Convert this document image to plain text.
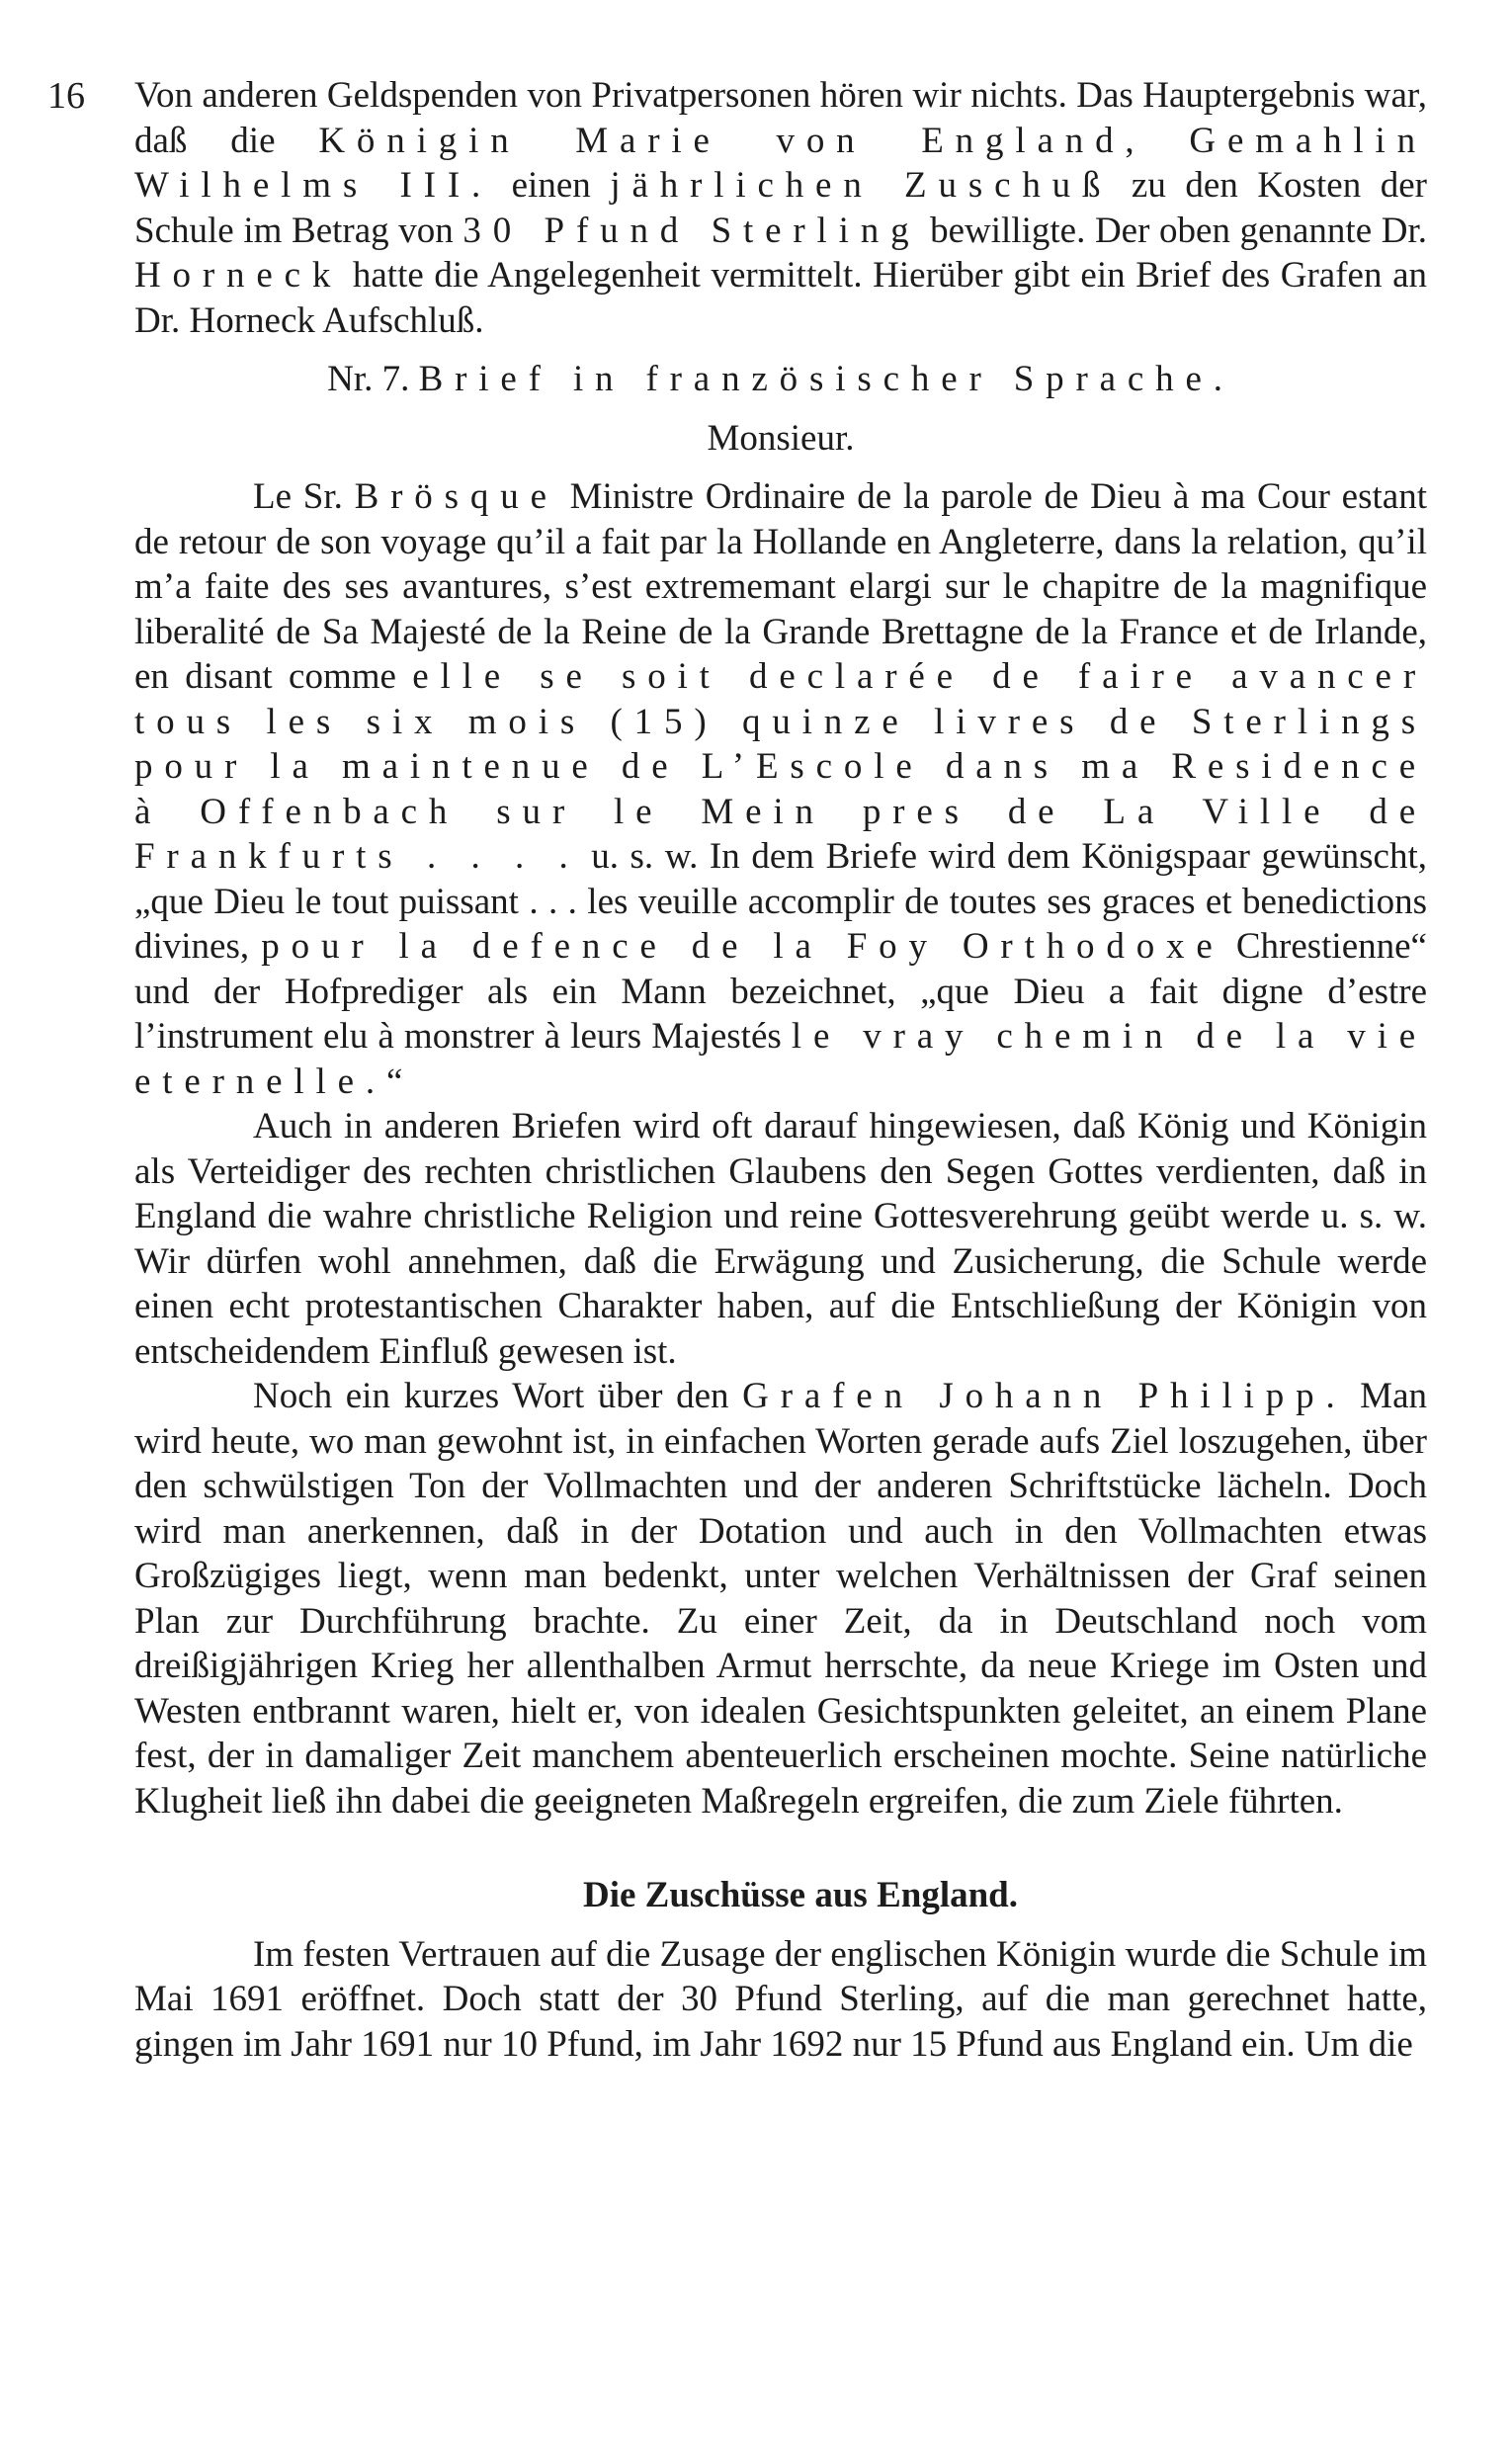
16 Von anderen Geldspenden von Privatpersonen hören wir nichts. Das Hauptergebnis war, daß die Königin Marie von England, Gemahlin Wilhelms III. einen jährlichen Zuschuß zu den Kosten der Schule im Betrag von 30 Pfund Sterling bewilligte. Der oben genannte Dr. Horneck hatte die Angelegenheit vermittelt. Hierüber gibt ein Brief des Grafen an Dr. Horneck Aufschluß.

Nr. 7. Brief in französischer Sprache.

Monsieur.

Le Sr. Brösque Ministre Ordinaire de la parole de Dieu à ma Cour estant de retour de son voyage qu’il a fait par la Hollande en Angleterre, dans la relation, qu’il m’a faite des ses avantures, s’est extrememant elargi sur le chapitre de la magnifique liberalité de Sa Majesté de la Reine de la Grande Brettagne de la France et de Irlande, en disant comme elle se soit declarée de faire avancer tous les six mois (15) quinze livres de Sterlings pour la maintenue de L’Escole dans ma Residence à Offenbach sur le Mein pres de La Ville de Frankfurts . . . . u. s. w. In dem Briefe wird dem Königspaar gewünscht, „que Dieu le tout puissant . . . les veuille accomplir de toutes ses graces et benedictions divines, pour la defence de la Foy Orthodoxe Chrestienne“ und der Hofprediger als ein Mann bezeichnet, „que Dieu a fait digne d’estre l’instrument elu à monstrer à leurs Majestés le vray chemin de la vie eternelle.“

Auch in anderen Briefen wird oft darauf hingewiesen, daß König und Königin als Verteidiger des rechten christlichen Glaubens den Segen Gottes verdienten, daß in England die wahre christliche Religion und reine Gottesverehrung geübt werde u. s. w. Wir dürfen wohl annehmen, daß die Erwägung und Zusicherung, die Schule werde einen echt protestantischen Charakter haben, auf die Entschließung der Königin von entscheidendem Einfluß gewesen ist.

Noch ein kurzes Wort über den Grafen Johann Philipp. Man wird heute, wo man gewohnt ist, in einfachen Worten gerade aufs Ziel loszugehen, über den schwülstigen Ton der Vollmachten und der anderen Schriftstücke lächeln. Doch wird man anerkennen, daß in der Dotation und auch in den Vollmachten etwas Großzügiges liegt, wenn man bedenkt, unter welchen Verhältnissen der Graf seinen Plan zur Durchführung brachte. Zu einer Zeit, da in Deutschland noch vom dreißigjährigen Krieg her allenthalben Armut herrschte, da neue Kriege im Osten und Westen entbrannt waren, hielt er, von idealen Gesichtspunkten geleitet, an einem Plane fest, der in damaliger Zeit manchem abenteuerlich erscheinen mochte. Seine natürliche Klugheit ließ ihn dabei die geeigneten Maßregeln ergreifen, die zum Ziele führten.

Die Zuschüsse aus England.

Im festen Vertrauen auf die Zusage der englischen Königin wurde die Schule im Mai 1691 eröffnet. Doch statt der 30 Pfund Sterling, auf die man gerechnet hatte, gingen im Jahr 1691 nur 10 Pfund, im Jahr 1692 nur 15 Pfund aus England ein. Um die
